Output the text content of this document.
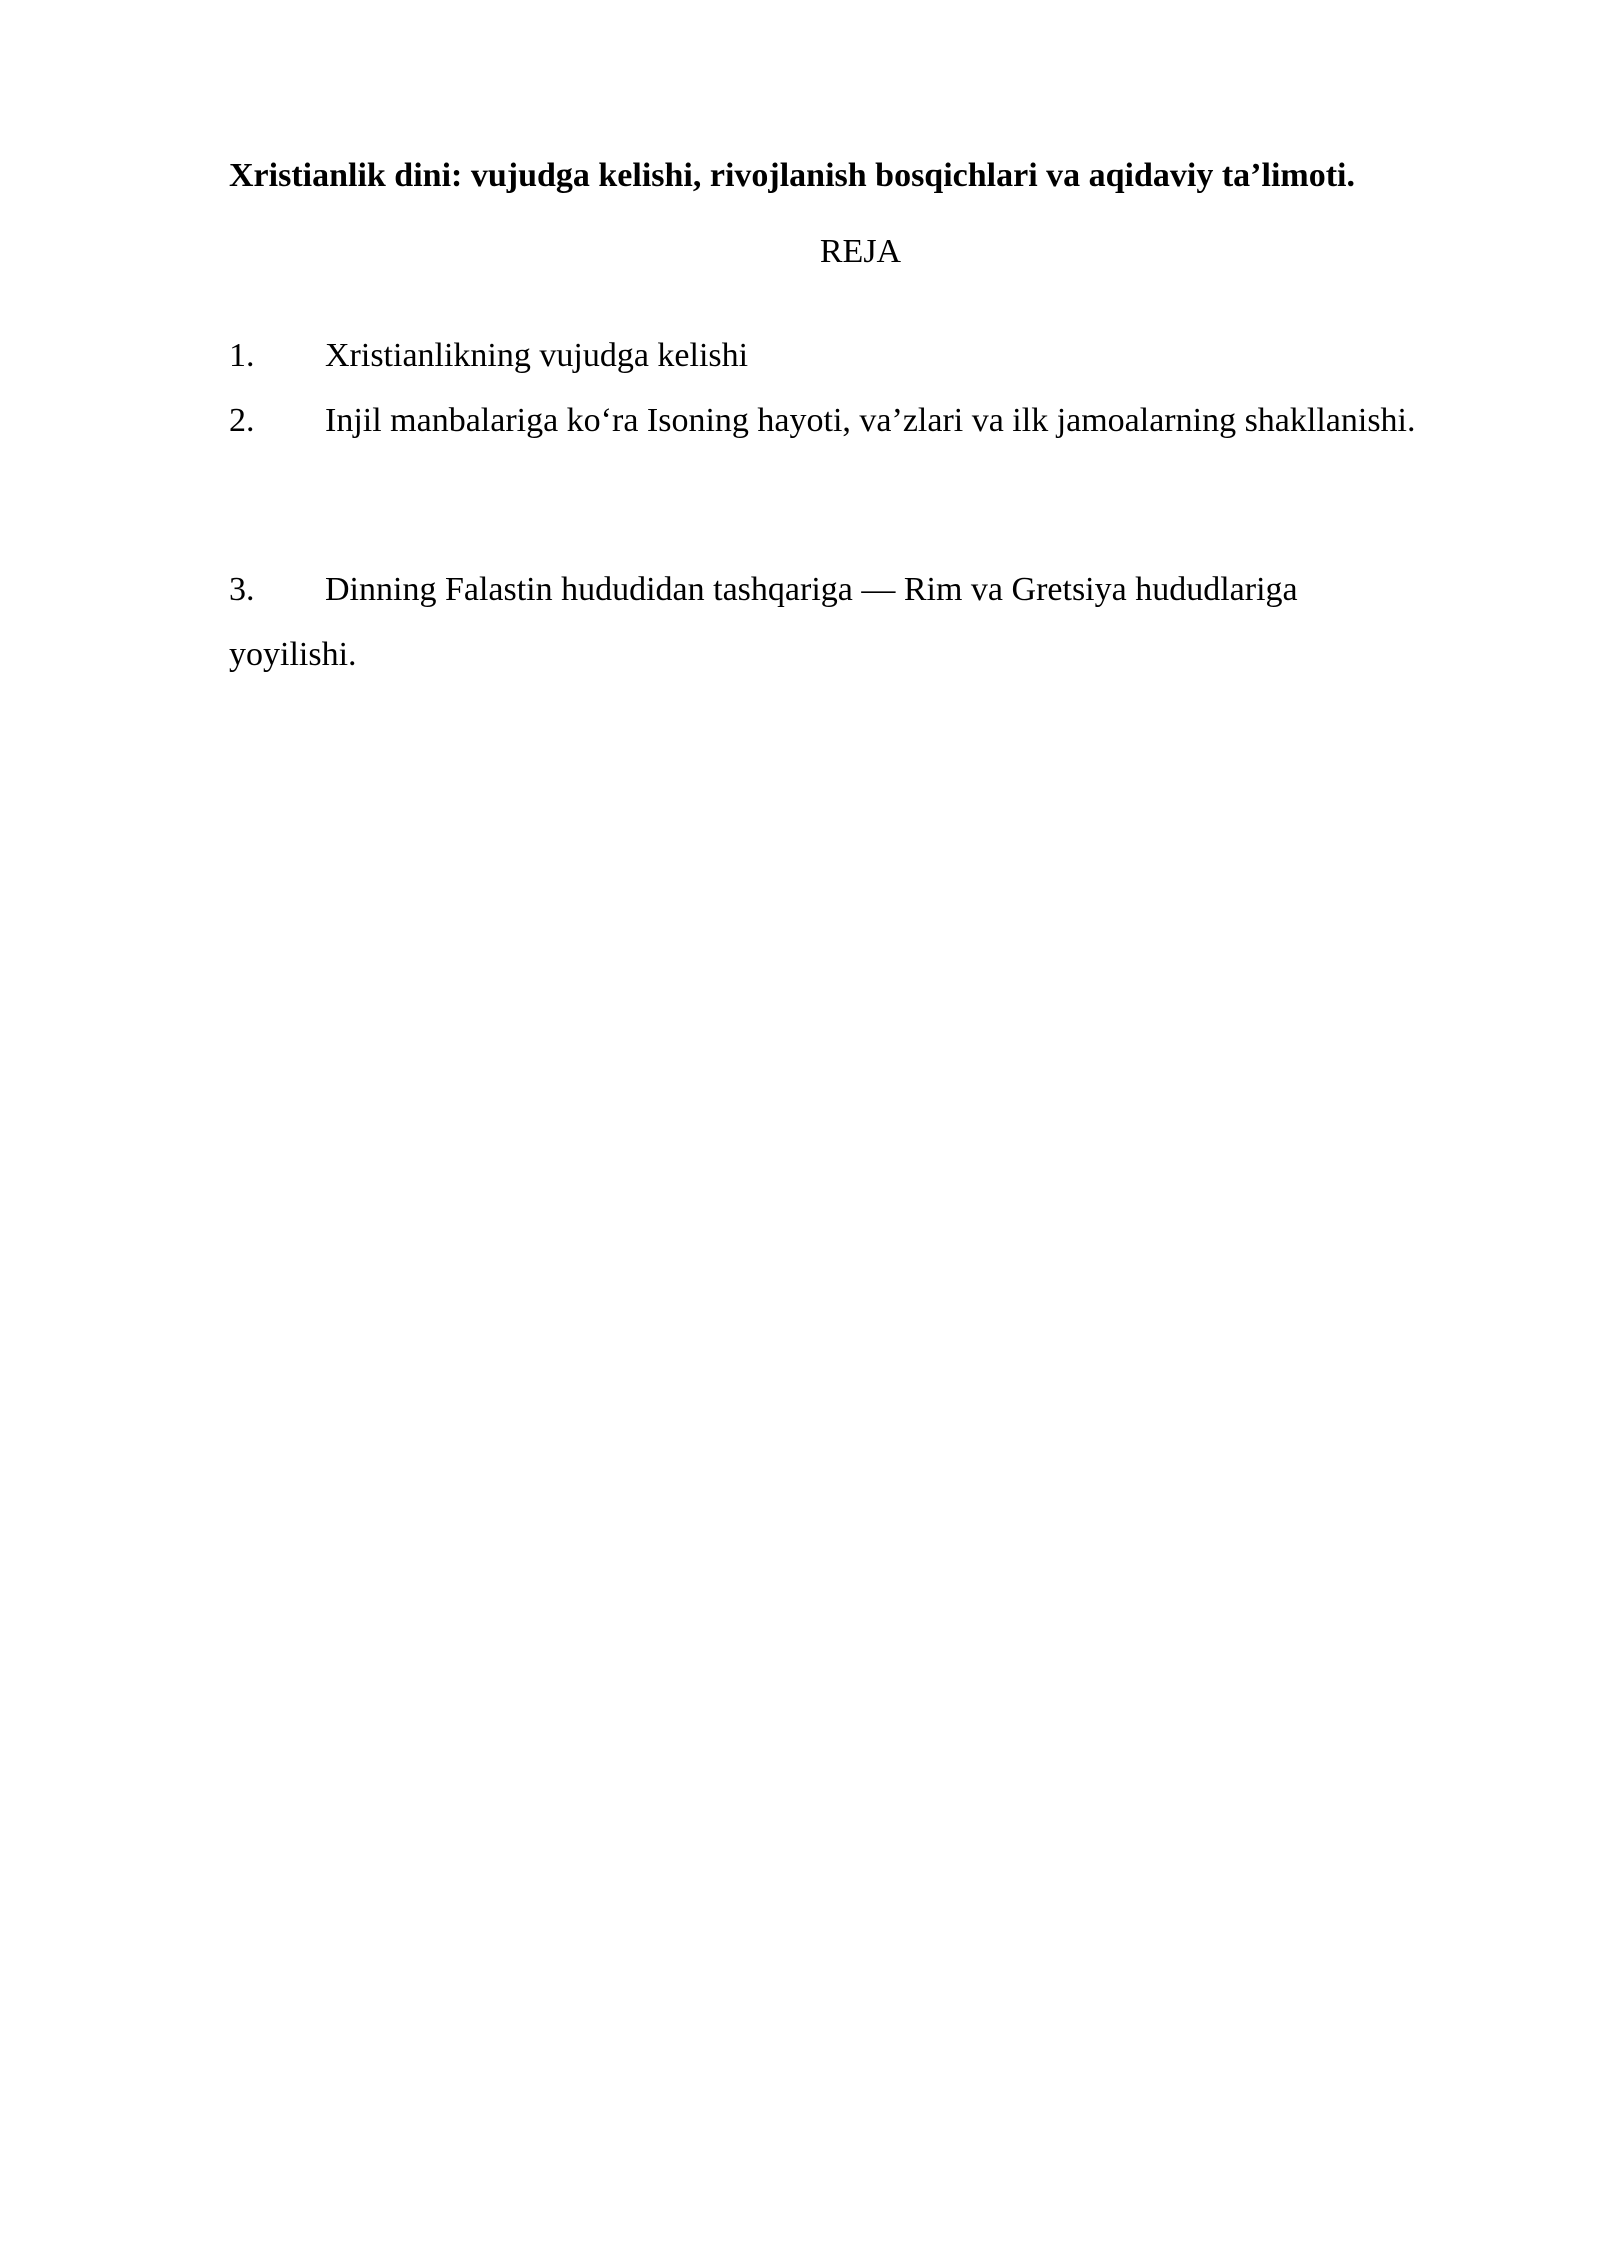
Xristianlik dini: vujudga kelishi, rivojlanish bosqichlari va aqidaviy ta’limoti.
REJA
1. Xristianlikning vujudga kelishi
2. Injil manbalariga ko‘ra Isoning hayoti, va’zlari va ilk jamoalarning shakllanishi.
3. Dinning Falastin hududidan tashqariga — Rim va Gretsiya hududlariga yoyilishi.
